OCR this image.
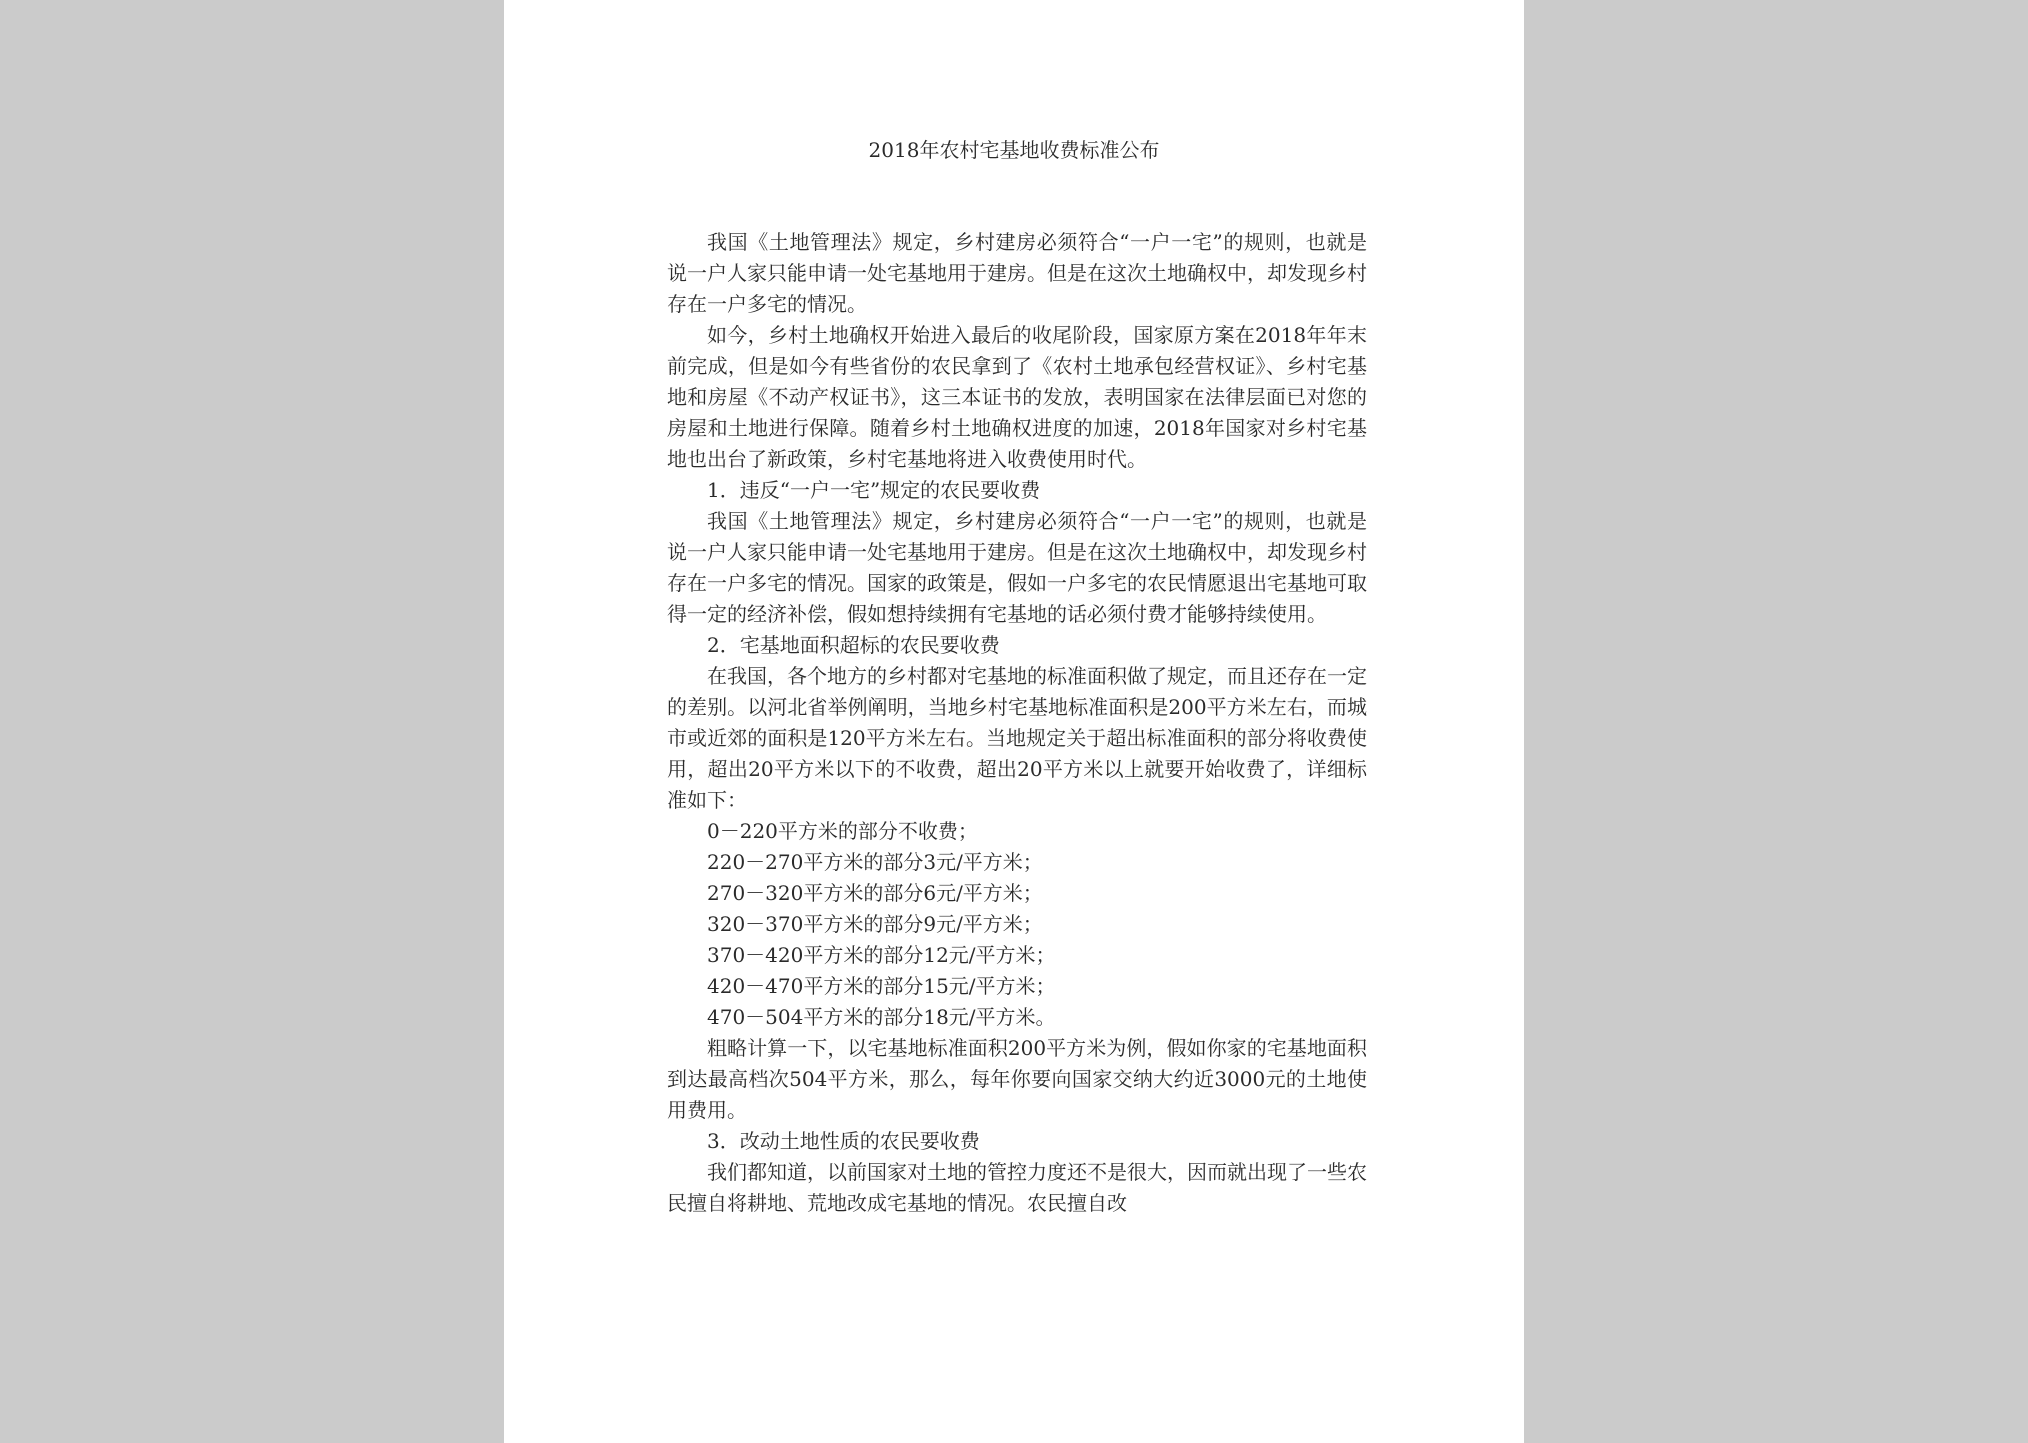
2018年农村宅基地收费标准公布

我国《土地管理法》规定，乡村建房必须符合“一户一宅”的规则，也就是说一户人家只能申请一处宅基地用于建房。但是在这次土地确权中，却发现乡村存在一户多宅的情况。

如今，乡村土地确权开始进入最后的收尾阶段，国家原方案在2018年年末前完成，但是如今有些省份的农民拿到了《农村土地承包经营权证》、乡村宅基地和房屋《不动产权证书》，这三本证书的发放，表明国家在法律层面已对您的房屋和土地进行保障。随着乡村土地确权进度的加速，2018年国家对乡村宅基地也出台了新政策，乡村宅基地将进入收费使用时代。

1．违反“一户一宅”规定的农民要收费

我国《土地管理法》规定，乡村建房必须符合“一户一宅”的规则，也就是说一户人家只能申请一处宅基地用于建房。但是在这次土地确权中，却发现乡村存在一户多宅的情况。国家的政策是，假如一户多宅的农民情愿退出宅基地可取得一定的经济补偿，假如想持续拥有宅基地的话必须付费才能够持续使用。

2．宅基地面积超标的农民要收费

在我国，各个地方的乡村都对宅基地的标准面积做了规定，而且还存在一定的差别。以河北省举例阐明，当地乡村宅基地标准面积是200平方米左右，而城市或近郊的面积是120平方米左右。当地规定关于超出标准面积的部分将收费使用，超出20平方米以下的不收费，超出20平方米以上就要开始收费了，详细标准如下：

0－220平方米的部分不收费；

220－270平方米的部分3元/平方米；

270－320平方米的部分6元/平方米；

320－370平方米的部分9元/平方米；

370－420平方米的部分12元/平方米；

420－470平方米的部分15元/平方米；

470－504平方米的部分18元/平方米。

粗略计算一下，以宅基地标准面积200平方米为例，假如你家的宅基地面积到达最高档次504平方米，那么，每年你要向国家交纳大约近3000元的土地使用费用。

3．改动土地性质的农民要收费

我们都知道，以前国家对土地的管控力度还不是很大，因而就出现了一些农民擅自将耕地、荒地改成宅基地的情况。农民擅自改
